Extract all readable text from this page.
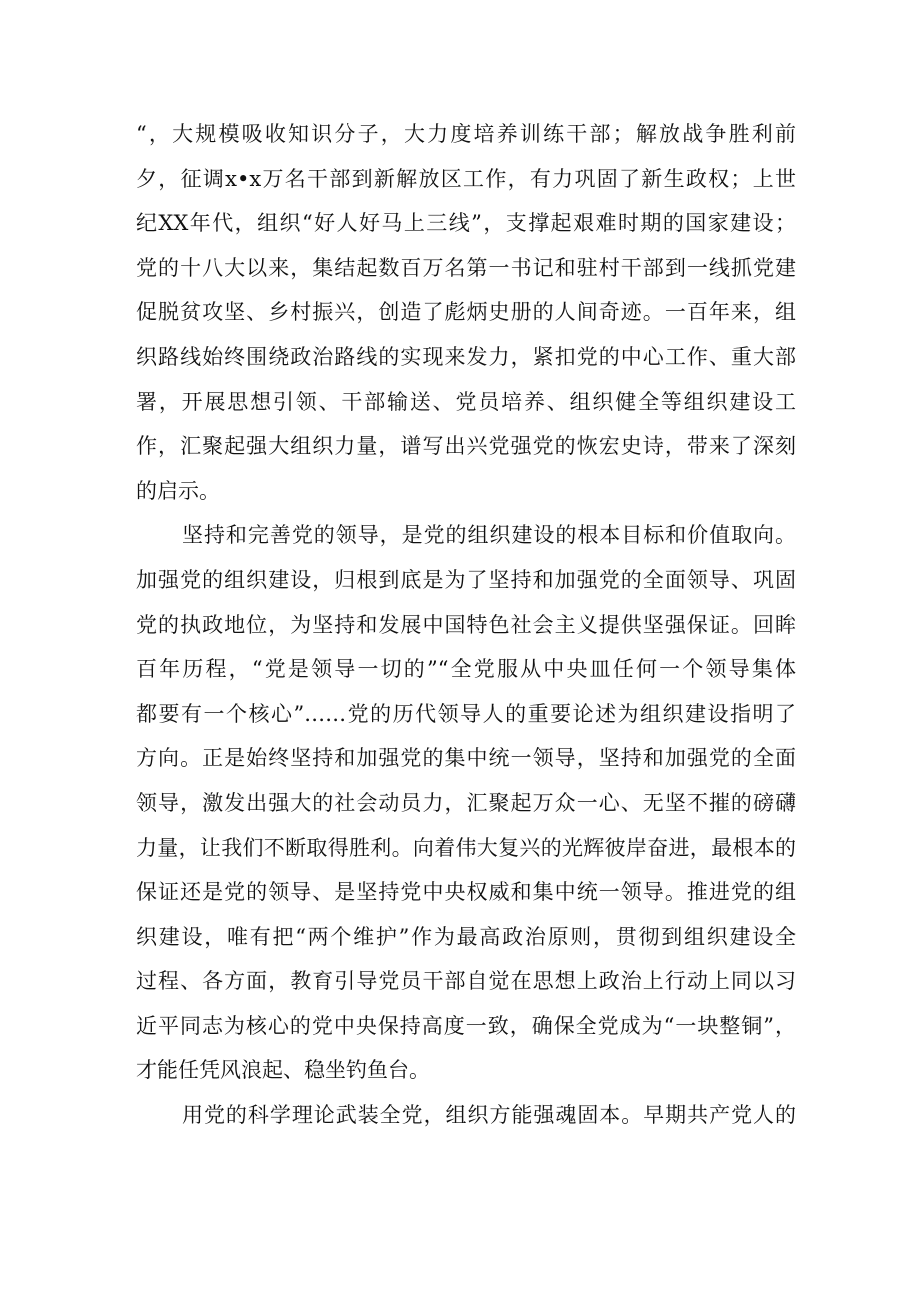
“，大规模吸收知识分子，大力度培养训练干部；解放战争胜利前
夕，征调x•x万名干部到新解放区工作，有力巩固了新生政权；上世
纪XX年代，组织“好人好马上三线”，支撑起艰难时期的国家建设；
党的十八大以来，集结起数百万名第一书记和驻村干部到一线抓党建
促脱贫攻坚、乡村振兴，创造了彪炳史册的人间奇迹。一百年来，组
织路线始终围绕政治路线的实现来发力，紧扣党的中心工作、重大部
署，开展思想引领、干部输送、党员培养、组织健全等组织建设工
作，汇聚起强大组织力量，谱写出兴党强党的恢宏史诗，带来了深刻
的启示。
坚持和完善党的领导，是党的组织建设的根本目标和价值取向。
加强党的组织建设，归根到底是为了坚持和加强党的全面领导、巩固
党的执政地位，为坚持和发展中国特色社会主义提供坚强保证。回眸
百年历程，“党是领导一切的”“全党服从中央皿任何一个领导集体
都要有一个核心”……党的历代领导人的重要论述为组织建设指明了
方向。正是始终坚持和加强党的集中统一领导，坚持和加强党的全面
领导，激发出强大的社会动员力，汇聚起万众一心、无坚不摧的磅礴
力量，让我们不断取得胜利。向着伟大复兴的光辉彼岸奋进，最根本的
保证还是党的领导、是坚持党中央权威和集中统一领导。推进党的组
织建设，唯有把“两个维护”作为最高政治原则，贯彻到组织建设全
过程、各方面，教育引导党员干部自觉在思想上政治上行动上同以习
近平同志为核心的党中央保持高度一致，确保全党成为“一块整铜”，
才能任凭风浪起、稳坐钓鱼台。
用党的科学理论武装全党，组织方能强魂固本。早期共产党人的
